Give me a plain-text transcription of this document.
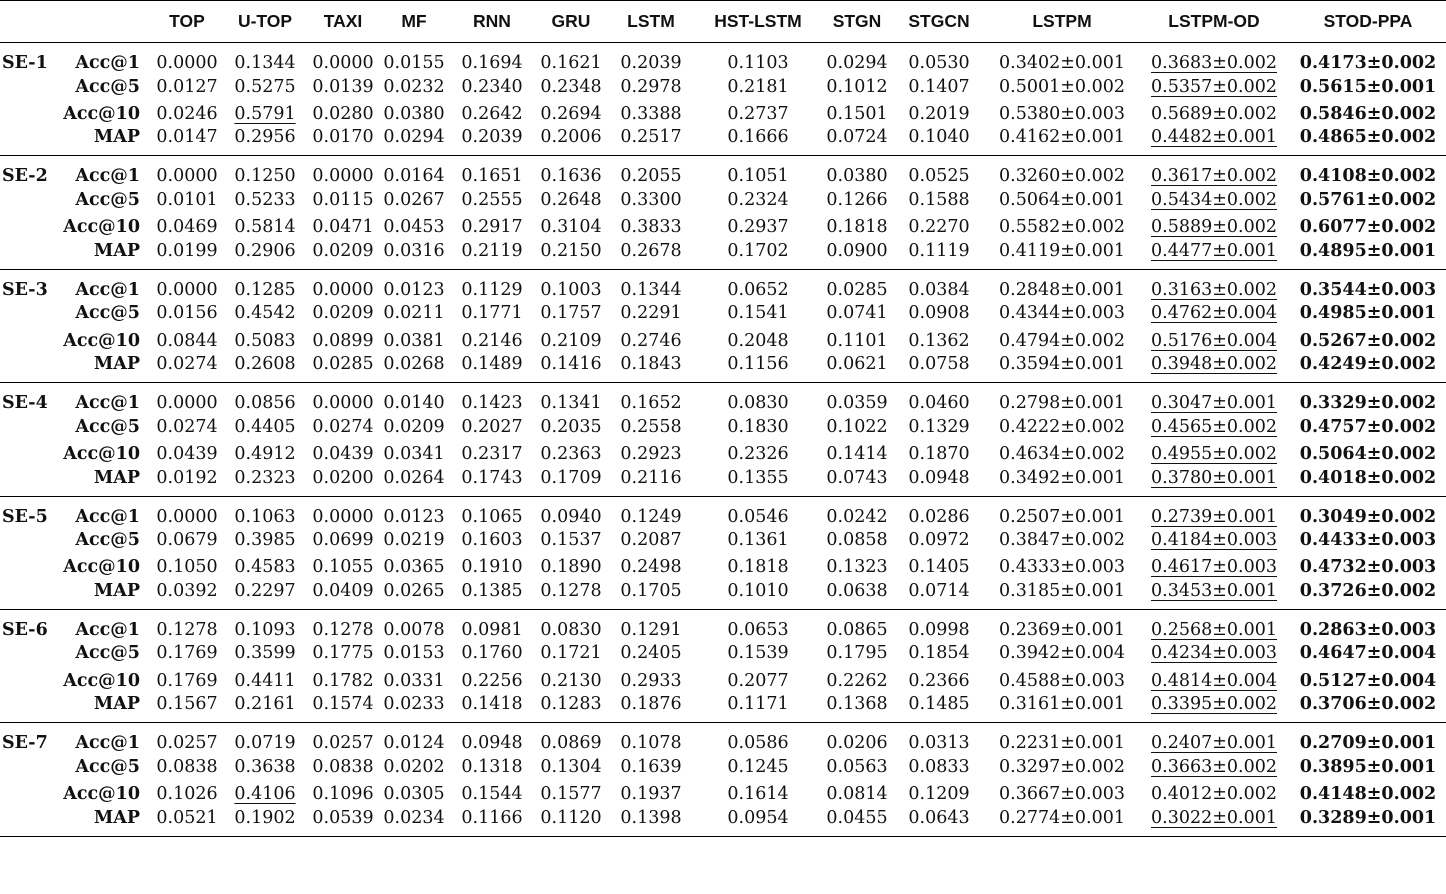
		TOP	U-TOP	TAXI	MF	RNN	GRU	LSTM	HST-LSTM	STGN	STGCN	LSTPM	LSTPM-OD	STOD-PPA
SE-1	Acc@1	0.0000	0.1344	0.0000	0.0155	0.1694	0.1621	0.2039	0.1103	0.0294	0.0530	0.3402±0.001	0.3683±0.002	0.4173±0.002
	Acc@5	0.0127	0.5275	0.0139	0.0232	0.2340	0.2348	0.2978	0.2181	0.1012	0.1407	0.5001±0.002	0.5357±0.002	0.5615±0.001
	Acc@10	0.0246	0.5791	0.0280	0.0380	0.2642	0.2694	0.3388	0.2737	0.1501	0.2019	0.5380±0.003	0.5689±0.002	0.5846±0.002
	MAP	0.0147	0.2956	0.0170	0.0294	0.2039	0.2006	0.2517	0.1666	0.0724	0.1040	0.4162±0.001	0.4482±0.001	0.4865±0.002
SE-2	Acc@1	0.0000	0.1250	0.0000	0.0164	0.1651	0.1636	0.2055	0.1051	0.0380	0.0525	0.3260±0.002	0.3617±0.002	0.4108±0.002
	Acc@5	0.0101	0.5233	0.0115	0.0267	0.2555	0.2648	0.3300	0.2324	0.1266	0.1588	0.5064±0.001	0.5434±0.002	0.5761±0.002
	Acc@10	0.0469	0.5814	0.0471	0.0453	0.2917	0.3104	0.3833	0.2937	0.1818	0.2270	0.5582±0.002	0.5889±0.002	0.6077±0.002
	MAP	0.0199	0.2906	0.0209	0.0316	0.2119	0.2150	0.2678	0.1702	0.0900	0.1119	0.4119±0.001	0.4477±0.001	0.4895±0.001
SE-3	Acc@1	0.0000	0.1285	0.0000	0.0123	0.1129	0.1003	0.1344	0.0652	0.0285	0.0384	0.2848±0.001	0.3163±0.002	0.3544±0.003
	Acc@5	0.0156	0.4542	0.0209	0.0211	0.1771	0.1757	0.2291	0.1541	0.0741	0.0908	0.4344±0.003	0.4762±0.004	0.4985±0.001
	Acc@10	0.0844	0.5083	0.0899	0.0381	0.2146	0.2109	0.2746	0.2048	0.1101	0.1362	0.4794±0.002	0.5176±0.004	0.5267±0.002
	MAP	0.0274	0.2608	0.0285	0.0268	0.1489	0.1416	0.1843	0.1156	0.0621	0.0758	0.3594±0.001	0.3948±0.002	0.4249±0.002
SE-4	Acc@1	0.0000	0.0856	0.0000	0.0140	0.1423	0.1341	0.1652	0.0830	0.0359	0.0460	0.2798±0.001	0.3047±0.001	0.3329±0.002
	Acc@5	0.0274	0.4405	0.0274	0.0209	0.2027	0.2035	0.2558	0.1830	0.1022	0.1329	0.4222±0.002	0.4565±0.002	0.4757±0.002
	Acc@10	0.0439	0.4912	0.0439	0.0341	0.2317	0.2363	0.2923	0.2326	0.1414	0.1870	0.4634±0.002	0.4955±0.002	0.5064±0.002
	MAP	0.0192	0.2323	0.0200	0.0264	0.1743	0.1709	0.2116	0.1355	0.0743	0.0948	0.3492±0.001	0.3780±0.001	0.4018±0.002
SE-5	Acc@1	0.0000	0.1063	0.0000	0.0123	0.1065	0.0940	0.1249	0.0546	0.0242	0.0286	0.2507±0.001	0.2739±0.001	0.3049±0.002
	Acc@5	0.0679	0.3985	0.0699	0.0219	0.1603	0.1537	0.2087	0.1361	0.0858	0.0972	0.3847±0.002	0.4184±0.003	0.4433±0.003
	Acc@10	0.1050	0.4583	0.1055	0.0365	0.1910	0.1890	0.2498	0.1818	0.1323	0.1405	0.4333±0.003	0.4617±0.003	0.4732±0.003
	MAP	0.0392	0.2297	0.0409	0.0265	0.1385	0.1278	0.1705	0.1010	0.0638	0.0714	0.3185±0.001	0.3453±0.001	0.3726±0.002
SE-6	Acc@1	0.1278	0.1093	0.1278	0.0078	0.0981	0.0830	0.1291	0.0653	0.0865	0.0998	0.2369±0.001	0.2568±0.001	0.2863±0.003
	Acc@5	0.1769	0.3599	0.1775	0.0153	0.1760	0.1721	0.2405	0.1539	0.1795	0.1854	0.3942±0.004	0.4234±0.003	0.4647±0.004
	Acc@10	0.1769	0.4411	0.1782	0.0331	0.2256	0.2130	0.2933	0.2077	0.2262	0.2366	0.4588±0.003	0.4814±0.004	0.5127±0.004
	MAP	0.1567	0.2161	0.1574	0.0233	0.1418	0.1283	0.1876	0.1171	0.1368	0.1485	0.3161±0.001	0.3395±0.002	0.3706±0.002
SE-7	Acc@1	0.0257	0.0719	0.0257	0.0124	0.0948	0.0869	0.1078	0.0586	0.0206	0.0313	0.2231±0.001	0.2407±0.001	0.2709±0.001
	Acc@5	0.0838	0.3638	0.0838	0.0202	0.1318	0.1304	0.1639	0.1245	0.0563	0.0833	0.3297±0.002	0.3663±0.002	0.3895±0.001
	Acc@10	0.1026	0.4106	0.1096	0.0305	0.1544	0.1577	0.1937	0.1614	0.0814	0.1209	0.3667±0.003	0.4012±0.002	0.4148±0.002
	MAP	0.0521	0.1902	0.0539	0.0234	0.1166	0.1120	0.1398	0.0954	0.0455	0.0643	0.2774±0.001	0.3022±0.001	0.3289±0.001
